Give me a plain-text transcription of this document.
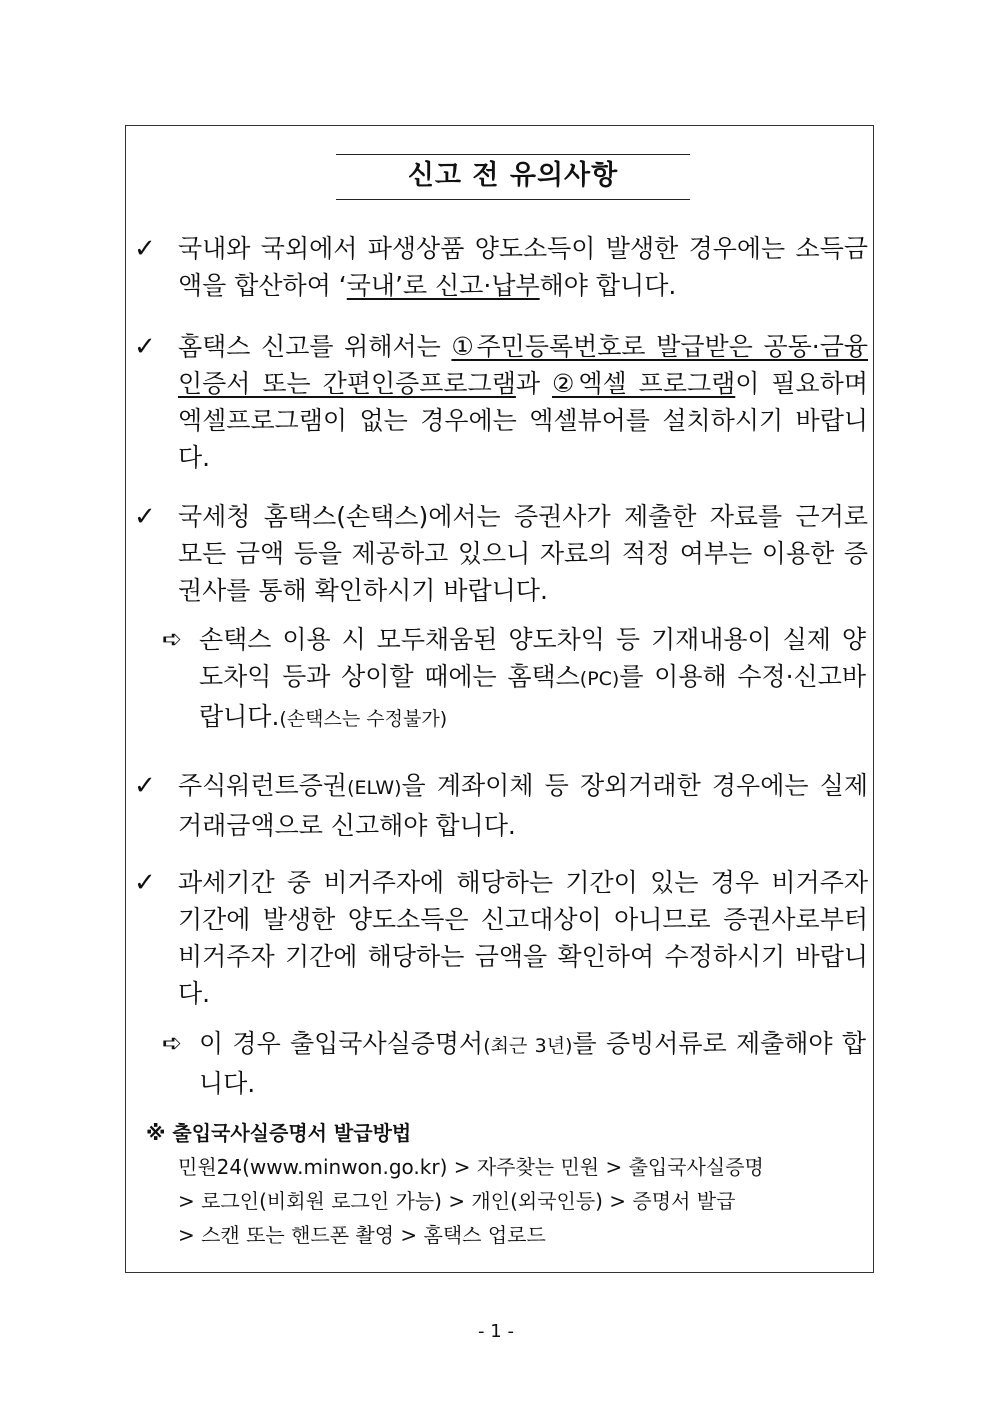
신고 전 유의사항
✓ 국내와 국외에서 파생상품 양도소득이 발생한 경우에는 소득금액을 합산하여 ‘국내’로 신고·납부해야 합니다.
✓ 홈택스 신고를 위해서는 ①주민등록번호로 발급받은 공동·금융인증서 또는 간편인증프로그램과 ②엑셀 프로그램이 필요하며 엑셀프로그램이 없는 경우에는 엑셀뷰어를 설치하시기 바랍니다.
✓ 국세청 홈택스(손택스)에서는 증권사가 제출한 자료를 근거로 모든 금액 등을 제공하고 있으니 자료의 적정 여부는 이용한 증권사를 통해 확인하시기 바랍니다.
➪ 손택스 이용 시 모두채움된 양도차익 등 기재내용이 실제 양도차익 등과 상이할 때에는 홈택스(PC)를 이용해 수정·신고바랍니다.(손택스는 수정불가)
✓ 주식워런트증권(ELW)을 계좌이체 등 장외거래한 경우에는 실제거래금액으로 신고해야 합니다.
✓ 과세기간 중 비거주자에 해당하는 기간이 있는 경우 비거주자 기간에 발생한 양도소득은 신고대상이 아니므로 증권사로부터 비거주자 기간에 해당하는 금액을 확인하여 수정하시기 바랍니다.
➪ 이 경우 출입국사실증명서(최근 3년)를 증빙서류로 제출해야 합니다.
※ 출입국사실증명서 발급방법
민원24(www.minwon.go.kr) > 자주찾는 민원 > 출입국사실증명
> 로그인(비회원 로그인 가능) > 개인(외국인등) > 증명서 발급
> 스캔 또는 핸드폰 촬영 > 홈택스 업로드
- 1 -
